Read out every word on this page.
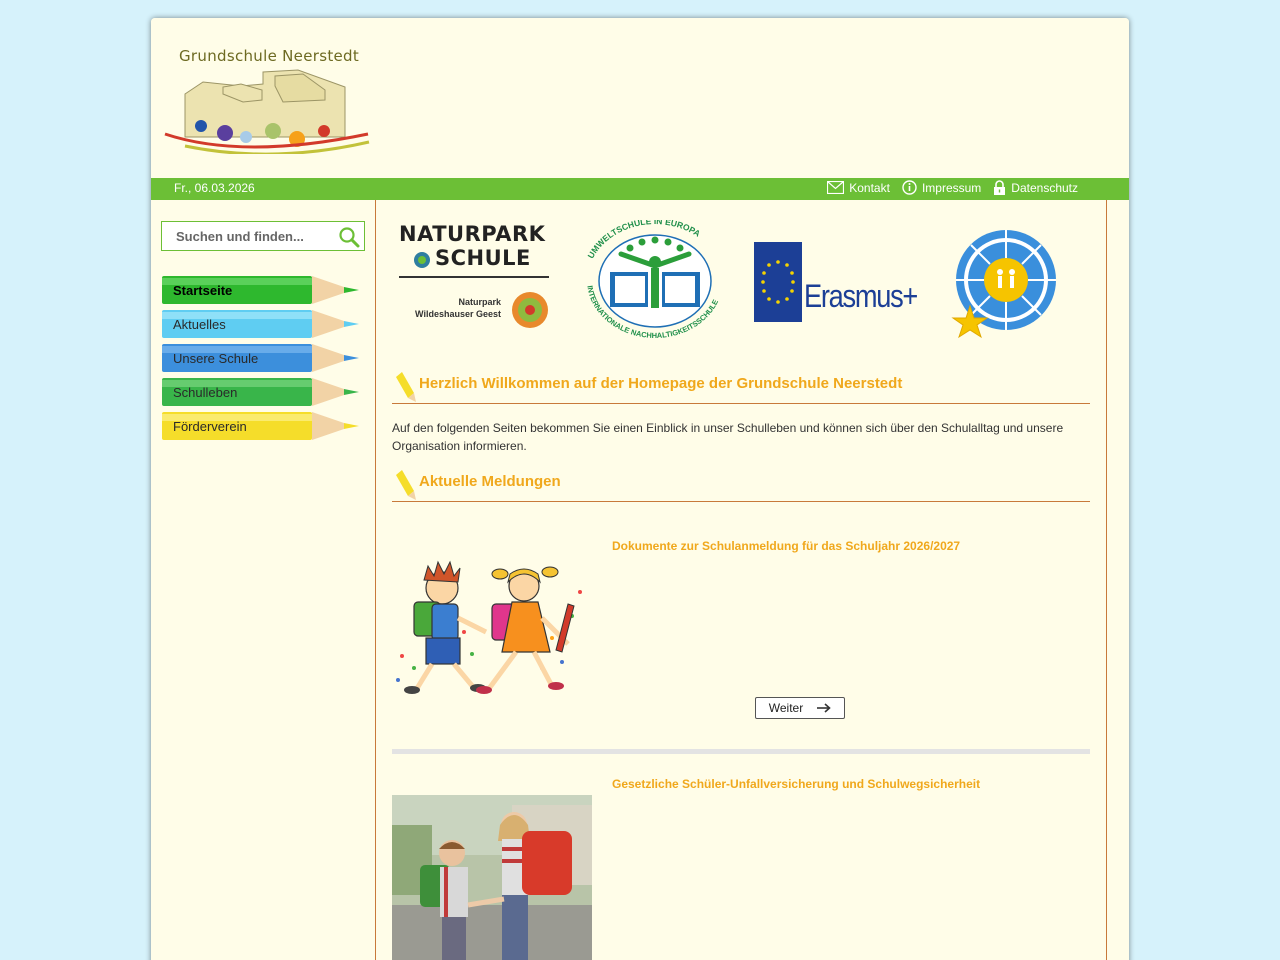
Grundschule Neerstedt
Fr., 06.03.2026	Kontakt	Impressum	Datenschutz
Suchen und finden...
Startseite
Aktuelles
Unsere Schule
Schulleben
Förderverein
NATURPARK
SCHULE
Naturpark
Wildeshauser Geest
UMWELTSCHULE IN EUROPA
INTERNATIONALE NACHHALTIGKEITSSCHULE	Erasmus+
Herzlich Willkommen auf der Homepage der Grundschule Neerstedt

Auf den folgenden Seiten bekommen Sie einen Einblick in unser Schulleben und können sich über den Schulalltag und unsere Organisation informieren.

Aktuelle Meldungen
Dokumente zur Schulanmeldung für das Schuljahr 2026/2027
Weiter
Gesetzliche Schüler-Unfallversicherung und Schulwegsicherheit
